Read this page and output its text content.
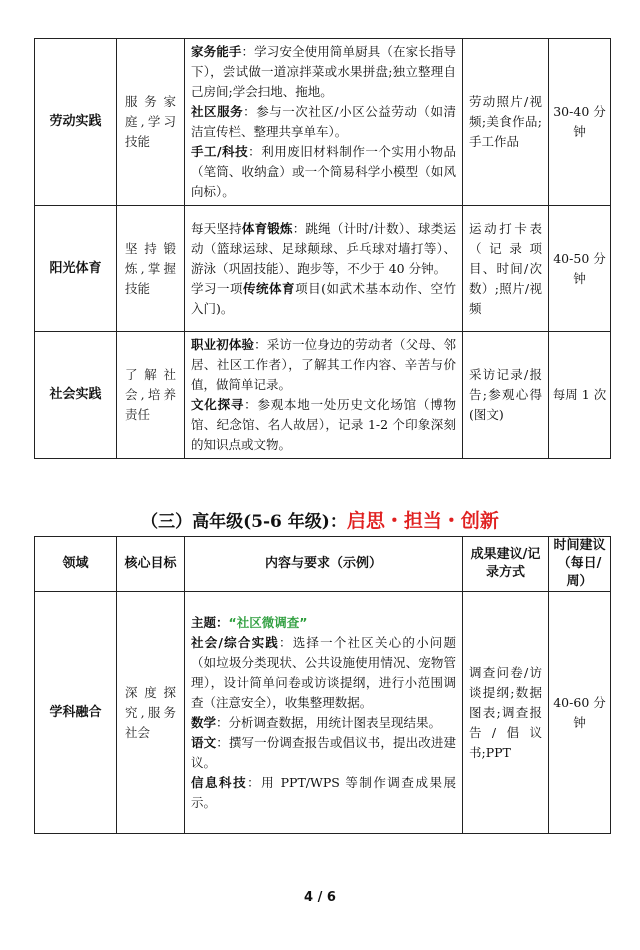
劳动实践	服务家庭,学习技能	家务能手：学习安全使用简单厨具（在家长指导下），尝试做一道凉拌菜或水果拼盘;独立整理自己房间;学会扫地、拖地。
社区服务：参与一次社区/小区公益劳动（如清洁宣传栏、整理共享单车）。
手工/科技：利用废旧材料制作一个实用小物品（笔筒、收纳盒）或一个简易科学小模型（如风向标）。	劳动照片/视频;美食作品;手工作品	30-40 分钟
阳光体育	坚持锻炼,掌握技能	每天坚持体育锻炼：跳绳（计时/计数）、球类运动（篮球运球、足球颠球、乒乓球对墙打等）、游泳（巩固技能）、跑步等，不少于 40 分钟。
学习一项传统体育项目(如武术基本动作、空竹入门)。	运动打卡表（记录项目、时间/次数）;照片/视频	40-50 分钟
社会实践	了解社会,培养责任	职业初体验：采访一位身边的劳动者（父母、邻居、社区工作者），了解其工作内容、辛苦与价值，做简单记录。
文化探寻：参观本地一处历史文化场馆（博物馆、纪念馆、名人故居），记录 1-2 个印象深刻的知识点或文物。	采访记录/报告;参观心得(图文)	每周 1 次
（三）高年级(5-6 年级)：启思・担当・创新
领域	核心目标	内容与要求（示例）	成果建议/记录方式	时间建议（每日/周）
学科融合	深度探究,服务社会	主题：“社区微调查”
社会/综合实践：选择一个社区关心的小问题（如垃圾分类现状、公共设施使用情况、宠物管理），设计简单问卷或访谈提纲，进行小范围调查（注意安全），收集整理数据。
数学：分析调查数据，用统计图表呈现结果。
语文：撰写一份调查报告或倡议书，提出改进建议。
信息科技：用 PPT/WPS 等制作调查成果展示。	调查问卷/访谈提纲;数据图表;调查报告/倡议书;PPT	40-60 分钟
4 / 6
